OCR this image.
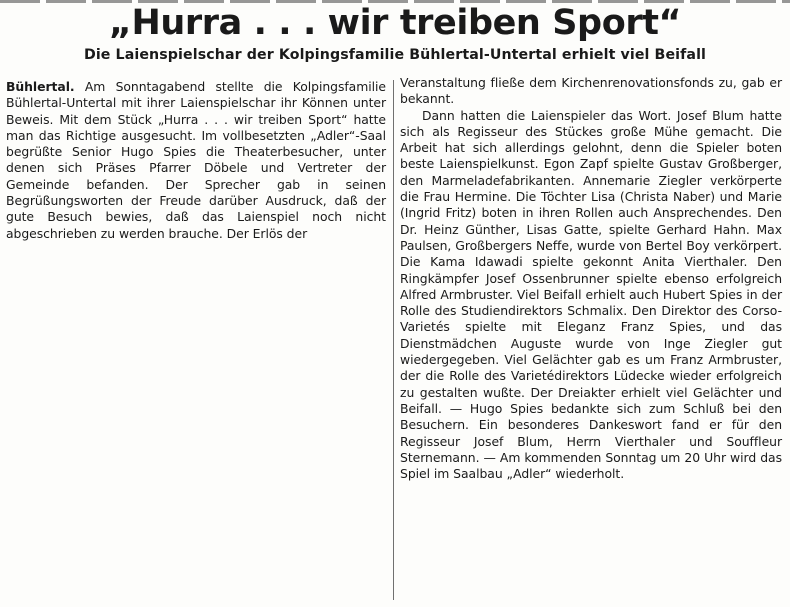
„Hurra . . . wir treiben Sport“
Die Laienspielschar der Kolpingsfamilie Bühlertal-Untertal erhielt viel Beifall

Bühlertal. Am Sonntagabend stellte die Kolpingsfamilie Bühlertal-Untertal mit ihrer Laienspielschar ihr Können unter Beweis. Mit dem Stück „Hurra . . . wir treiben Sport“ hatte man das Richtige ausgesucht. Im vollbesetzten „Adler“-Saal begrüßte Senior Hugo Spies die Theaterbesucher, unter denen sich Präses Pfarrer Döbele und Vertreter der Gemeinde befanden. Der Sprecher gab in seinen Begrüßungsworten der Freude darüber Ausdruck, daß der gute Besuch bewies, daß das Laienspiel noch nicht abgeschrieben zu werden brauche. Der Erlös der

Veranstaltung fließe dem Kirchenrenovationsfonds zu, gab er bekannt.

Dann hatten die Laienspieler das Wort. Josef Blum hatte sich als Regisseur des Stückes große Mühe gemacht. Die Arbeit hat sich allerdings gelohnt, denn die Spieler boten beste Laienspielkunst. Egon Zapf spielte Gustav Großberger, den Marmeladefabrikanten. Annemarie Ziegler verkörperte die Frau Hermine. Die Töchter Lisa (Christa Naber) und Marie (Ingrid Fritz) boten in ihren Rollen auch Ansprechendes. Den Dr. Heinz Günther, Lisas Gatte, spielte Gerhard Hahn. Max Paulsen, Großbergers Neffe, wurde von Bertel Boy verkörpert. Die Kama Idawadi spielte gekonnt Anita Vierthaler. Den Ringkämpfer Josef Ossenbrunner spielte ebenso erfolgreich Alfred Armbruster. Viel Beifall erhielt auch Hubert Spies in der Rolle des Studiendirektors Schmalix. Den Direktor des Corso-Varietés spielte mit Eleganz Franz Spies, und das Dienstmädchen Auguste wurde von Inge Ziegler gut wiedergegeben. Viel Gelächter gab es um Franz Armbruster, der die Rolle des Varietédirektors Lüdecke wieder erfolgreich zu gestalten wußte. Der Dreiakter erhielt viel Gelächter und Beifall. — Hugo Spies bedankte sich zum Schluß bei den Besuchern. Ein besonderes Dankeswort fand er für den Regisseur Josef Blum, Herrn Vierthaler und Souffleur Sternemann. — Am kommenden Sonntag um 20 Uhr wird das Spiel im Saalbau „Adler“ wiederholt.
